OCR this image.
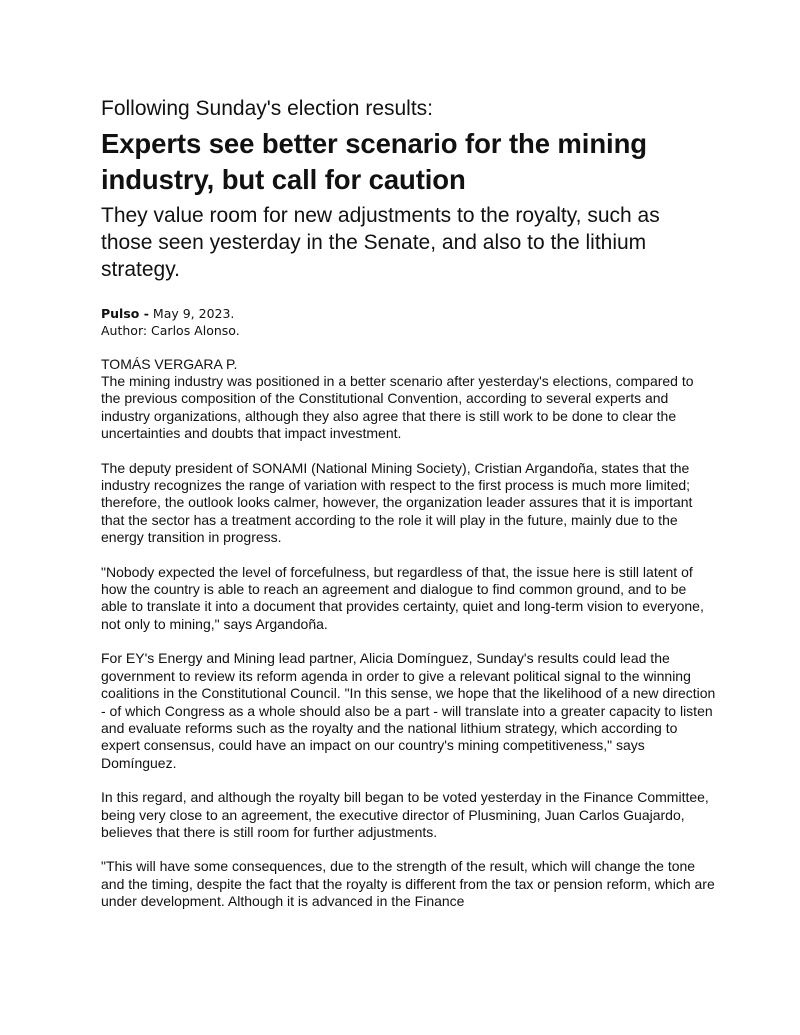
Following Sunday's election results:
Experts see better scenario for the mining industry, but call for caution
They value room for new adjustments to the royalty, such as those seen yesterday in the Senate, and also to the lithium strategy.

Pulso - May 9, 2023.

Author: Carlos Alonso.

TOMÁS VERGARA P.

The mining industry was positioned in a better scenario after yesterday's elections, compared to the previous composition of the Constitutional Convention, according to several experts and industry organizations, although they also agree that there is still work to be done to clear the uncertainties and doubts that impact investment.

The deputy president of SONAMI (National Mining Society), Cristian Argandoña, states that the industry recognizes the range of variation with respect to the first process is much more limited; therefore, the outlook looks calmer, however, the organization leader assures that it is important that the sector has a treatment according to the role it will play in the future, mainly due to the energy transition in progress.

"Nobody expected the level of forcefulness, but regardless of that, the issue here is still latent of how the country is able to reach an agreement and dialogue to find common ground, and to be able to translate it into a document that provides certainty, quiet and long-term vision to everyone, not only to mining," says Argandoña.

For EY's Energy and Mining lead partner, Alicia Domínguez, Sunday's results could lead the government to review its reform agenda in order to give a relevant political signal to the winning coalitions in the Constitutional Council. "In this sense, we hope that the likelihood of a new direction - of which Congress as a whole should also be a part - will translate into a greater capacity to listen and evaluate reforms such as the royalty and the national lithium strategy, which according to expert consensus, could have an impact on our country's mining competitiveness," says Domínguez.

In this regard, and although the royalty bill began to be voted yesterday in the Finance Committee, being very close to an agreement, the executive director of Plusmining, Juan Carlos Guajardo, believes that there is still room for further adjustments.

"This will have some consequences, due to the strength of the result, which will change the tone and the timing, despite the fact that the royalty is different from the tax or pension reform, which are under development. Although it is advanced in the Finance
